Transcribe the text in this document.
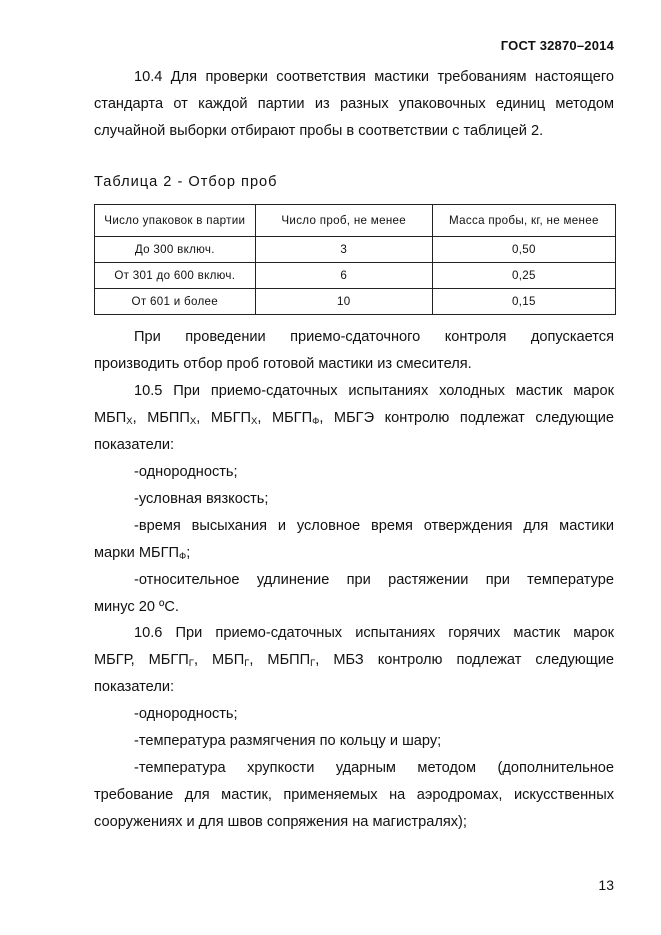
ГОСТ 32870–2014
10.4 Для проверки соответствия мастики требованиям настоящего
стандарта от каждой партии из разных упаковочных единиц методом
случайной выборки отбирают пробы в соответствии с таблицей 2.
Таблица 2 - Отбор проб
Число упаковок в партии	Число проб, не менее	Масса пробы, кг, не менее
До 300 включ.	3	0,50
От 301 до 600 включ.	6	0,25
От 601 и более	10	0,15
При проведении приемо-сдаточного контроля допускается
производить отбор проб готовой мастики из смесителя.
10.5 При приемо-сдаточных испытаниях холодных мастик марок
$МБП_Х$, $МБПП_Х$, $МБГП_Х$, $МБГП_Ф$, МБГЭ контролю подлежат следующие
показатели:
-однородность;
-условная вязкость;
-время высыхания и условное время отверждения для мастики
марки $МБГП_Ф$;
-относительное удлинение при растяжении при температуре
минус 20 ºС.
10.6 При приемо-сдаточных испытаниях горячих мастик марок
МБГР, $МБГП_Г$, $МБП_Г$, $МБПП_Г$, МБЗ контролю подлежат следующие
показатели:
-однородность;
-температура размягчения по кольцу и шару;
-температура хрупкости ударным методом (дополнительное
требование для мастик, применяемых на аэродромах, искусственных
сооружениях и для швов сопряжения на магистралях);
13
